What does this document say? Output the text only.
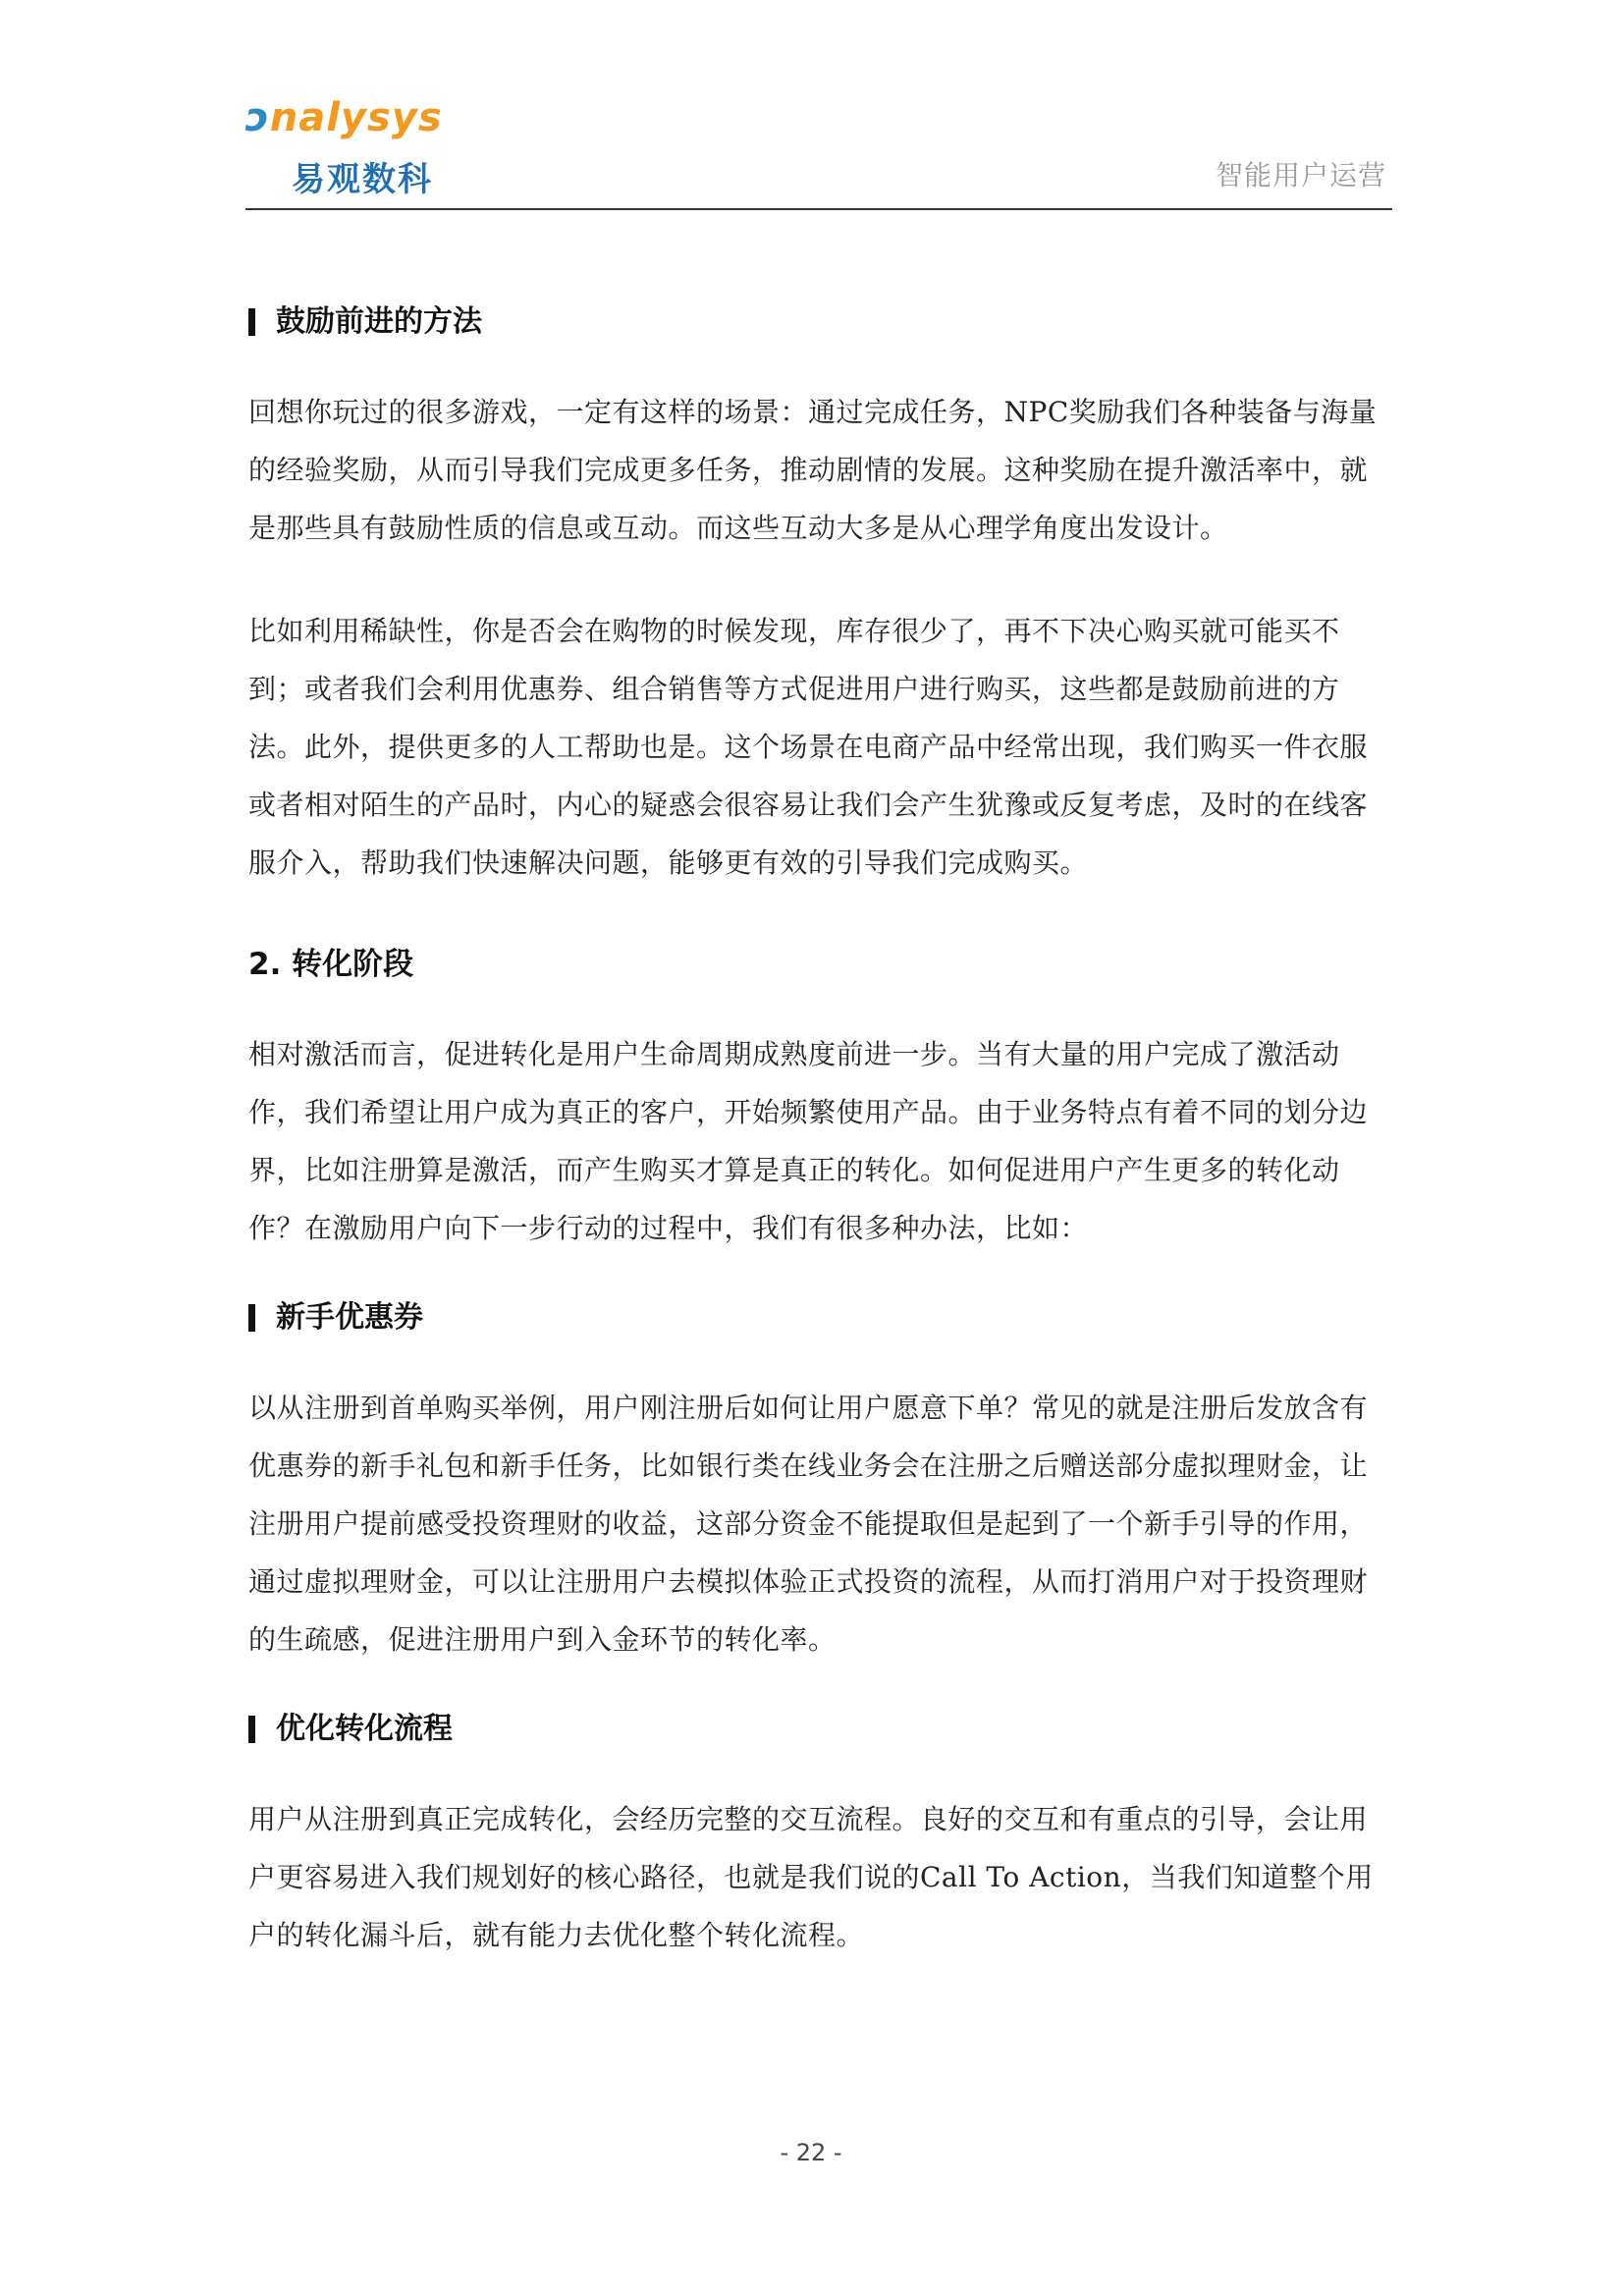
ↄnalysys
易观数科	智能用户运营
鼓励前进的方法

回想你玩过的很多游戏，一定有这样的场景：通过完成任务，NPC奖励我们各种装备与海量的经验奖励，从而引导我们完成更多任务，推动剧情的发展。这种奖励在提升激活率中，就是那些具有鼓励性质的信息或互动。而这些互动大多是从心理学角度出发设计。

比如利用稀缺性，你是否会在购物的时候发现，库存很少了，再不下决心购买就可能买不到；或者我们会利用优惠券、组合销售等方式促进用户进行购买，这些都是鼓励前进的方法。此外，提供更多的人工帮助也是。这个场景在电商产品中经常出现，我们购买一件衣服或者相对陌生的产品时，内心的疑惑会很容易让我们会产生犹豫或反复考虑，及时的在线客服介入，帮助我们快速解决问题，能够更有效的引导我们完成购买。

2. 转化阶段

相对激活而言，促进转化是用户生命周期成熟度前进一步。当有大量的用户完成了激活动作，我们希望让用户成为真正的客户，开始频繁使用产品。由于业务特点有着不同的划分边界，比如注册算是激活，而产生购买才算是真正的转化。如何促进用户产生更多的转化动作？在激励用户向下一步行动的过程中，我们有很多种办法，比如：

新手优惠券

以从注册到首单购买举例，用户刚注册后如何让用户愿意下单？常见的就是注册后发放含有优惠券的新手礼包和新手任务，比如银行类在线业务会在注册之后赠送部分虚拟理财金，让注册用户提前感受投资理财的收益，这部分资金不能提取但是起到了一个新手引导的作用，通过虚拟理财金，可以让注册用户去模拟体验正式投资的流程，从而打消用户对于投资理财的生疏感，促进注册用户到入金环节的转化率。

优化转化流程

用户从注册到真正完成转化，会经历完整的交互流程。良好的交互和有重点的引导，会让用户更容易进入我们规划好的核心路径，也就是我们说的Call To Action，当我们知道整个用户的转化漏斗后，就有能力去优化整个转化流程。

- 22 -
